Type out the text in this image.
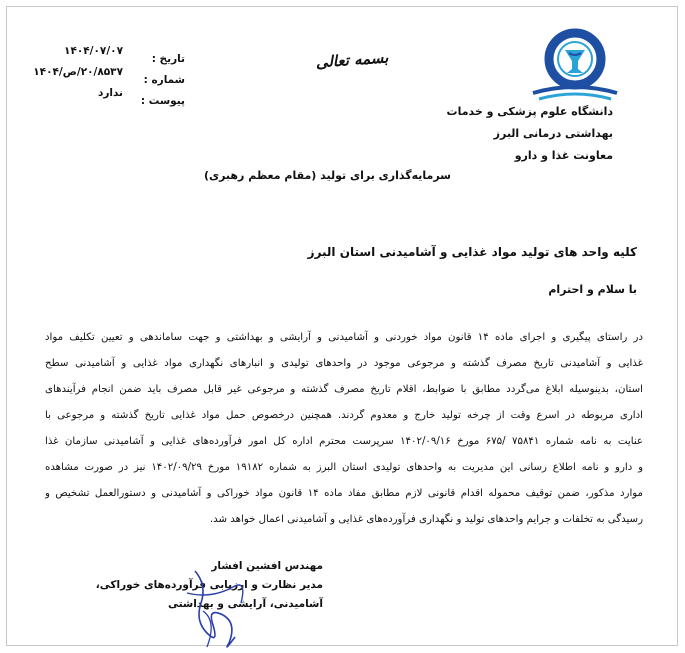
دانشگاه علوم پزشکی و خدمات
بهداشتی درمانی البرز
معاونت غذا و دارو
بسمه تعالی
تاریخ :
شماره :
پیوست :
۱۴۰۴/۰۷/۰۷
۲۰/۸۵۳۷/ص/۱۴۰۴
ندارد
سرمایه‌گذاری برای تولید (مقام معظم رهبری)
کلیه واحد های تولید مواد غذایی و آشامیدنی استان البرز
با سلام و احترام
در راستای پیگیری و اجرای ماده ۱۴ قانون مواد خوردنی و آشامیدنی و آرایشی و بهداشتی و جهت ساماندهی و تعیین تکلیف مواد
غذایی و آشامیدنی تاریخ مصرف گذشته و مرجوعی موجود در واحدهای تولیدی و انبارهای نگهداری مواد غذایی و آشامیدنی سطح
استان، بدینوسیله ابلاغ می‌گردد مطابق با ضوابط، اقلام تاریخ مصرف گذشته و مرجوعی غیر قابل مصرف باید ضمن انجام فرآیندهای
اداری مربوطه در اسرع وقت از چرخه تولید خارج و معدوم گردند. همچنین درخصوص حمل مواد غذایی تاریخ گذشته و مرجوعی با
عنایت به نامه شماره ۷۵۸۴۱ /۶۷۵ مورخ ۱۴۰۲/۰۹/۱۶ سرپرست محترم اداره کل امور فرآورده‌های غذایی و آشامیدنی سازمان غذا
و دارو و نامه اطلاع رسانی این مدیریت به واحدهای تولیدی استان البرز به شماره ۱۹۱۸۲ مورخ ۱۴۰۲/۰۹/۲۹ نیز در صورت مشاهده
موارد مذکور، ضمن توقیف محموله اقدام قانونی لازم مطابق مفاد ماده ۱۴ قانون مواد خوراکی و آشامیدنی و دستورالعمل تشخیص و
رسیدگی به تخلفات و جرایم واحدهای تولید و نگهداری فرآورده‌های غذایی و آشامیدنی اعمال خواهد شد.
مهندس افشین افشار
مدیر نظارت و ارزیابی فرآورده‌های خوراکی،
آشامیدنی، آرایشی و بهداشتی
